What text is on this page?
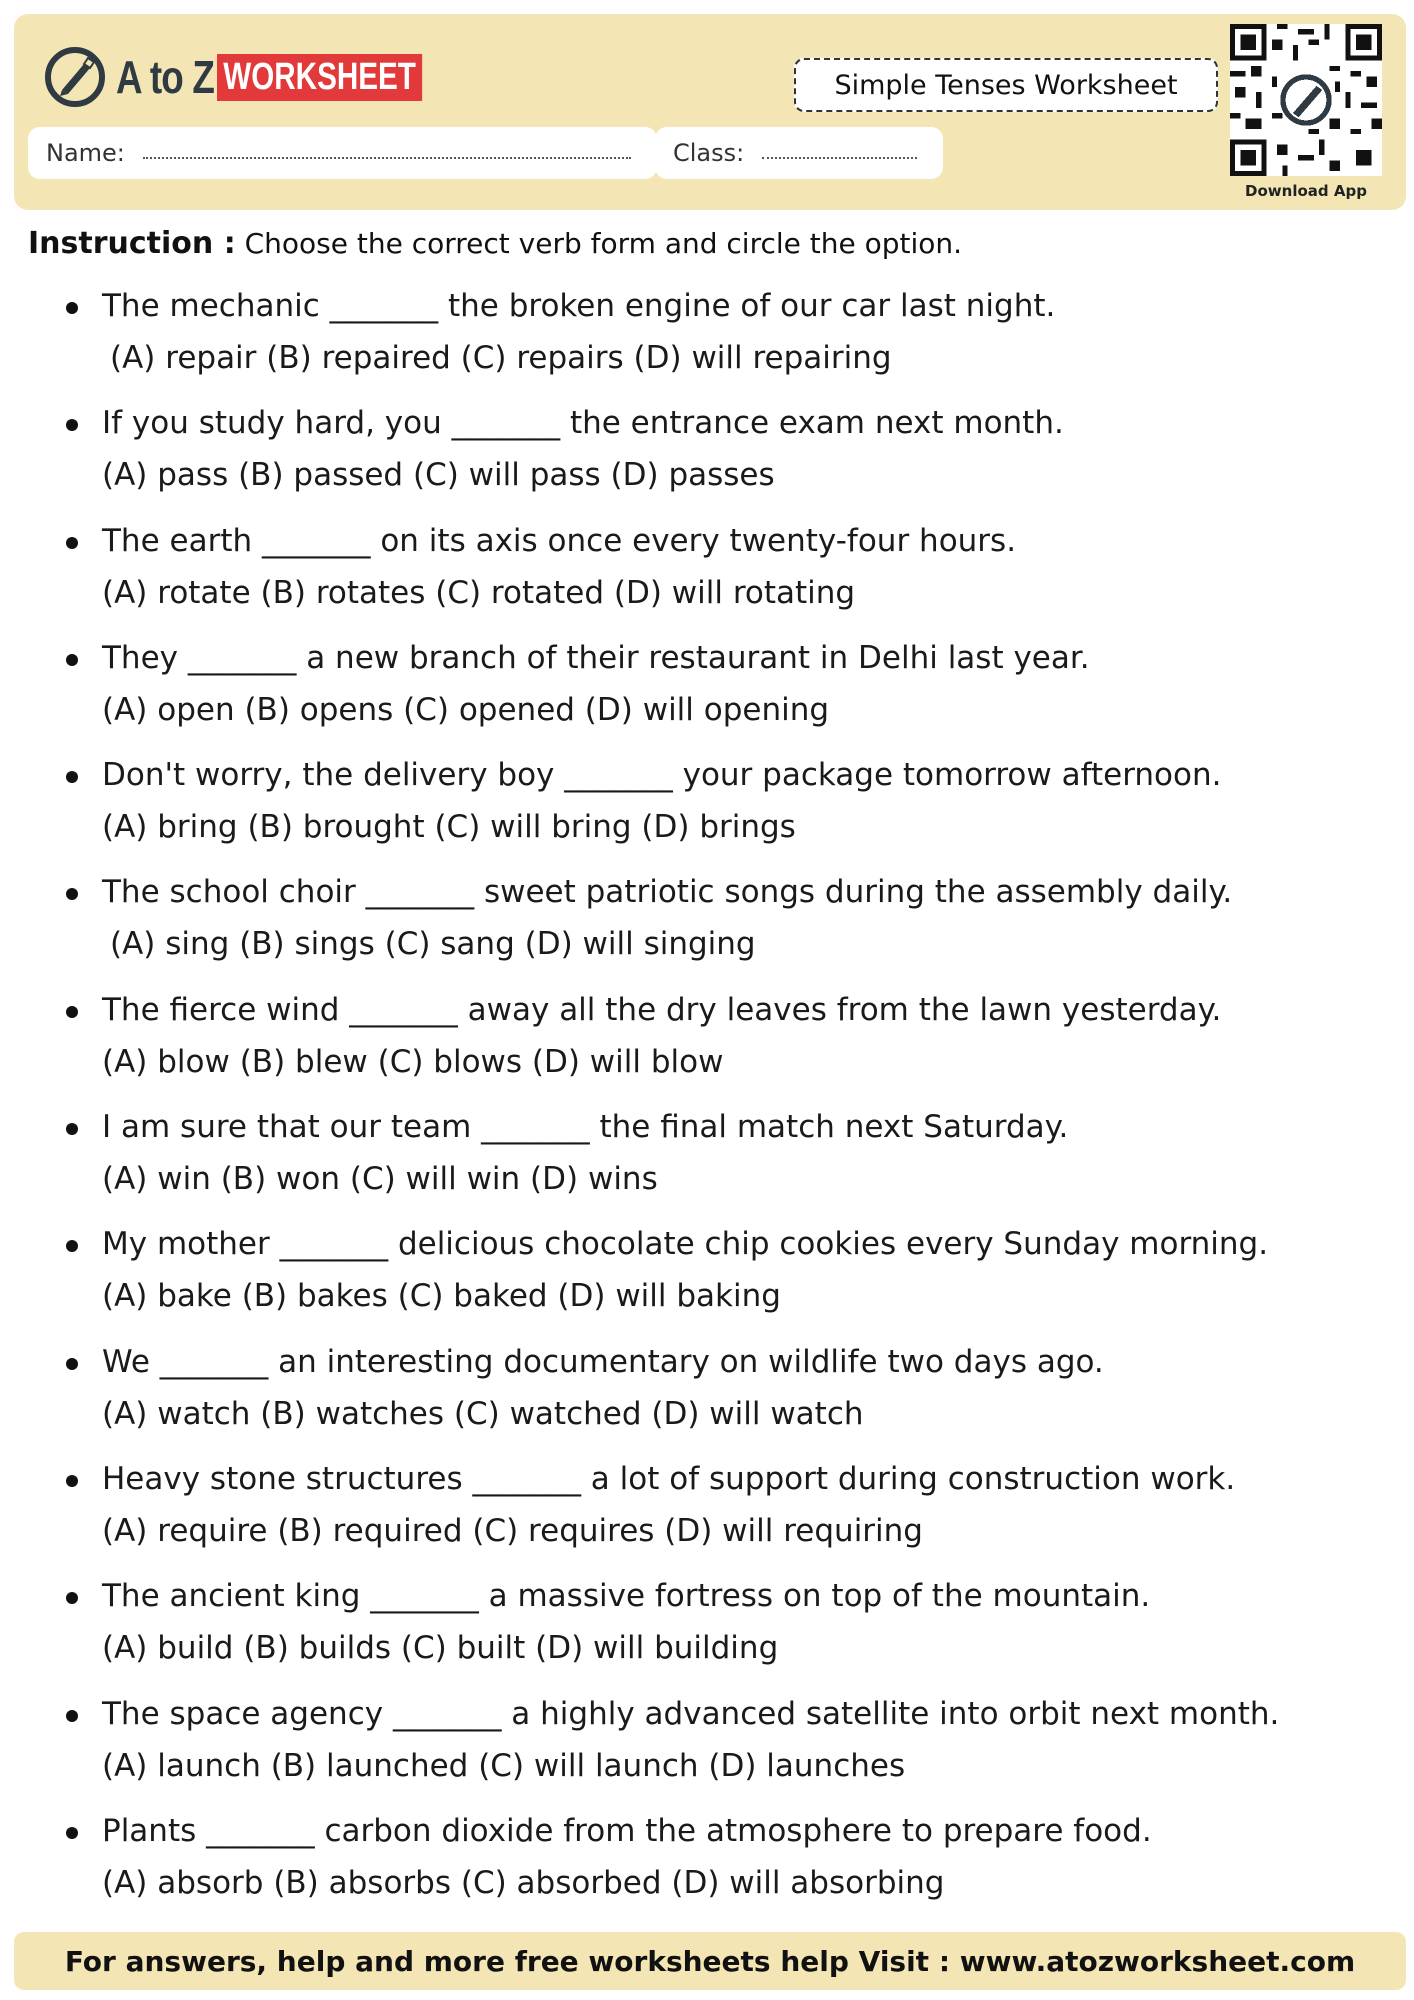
A to Z WORKSHEET	Simple Tenses Worksheet
Name:	Class:
Download App
Instruction : Choose the correct verb form and circle the option.
The mechanic _______ the broken engine of our car last night.
(A) repair (B) repaired (C) repairs (D) will repairing
If you study hard, you _______ the entrance exam next month.
(A) pass (B) passed (C) will pass (D) passes
The earth _______ on its axis once every twenty-four hours.
(A) rotate (B) rotates (C) rotated (D) will rotating
They _______ a new branch of their restaurant in Delhi last year.
(A) open (B) opens (C) opened (D) will opening
Don't worry, the delivery boy _______ your package tomorrow afternoon.
(A) bring (B) brought (C) will bring (D) brings
The school choir _______ sweet patriotic songs during the assembly daily.
(A) sing (B) sings (C) sang (D) will singing
The fierce wind _______ away all the dry leaves from the lawn yesterday.
(A) blow (B) blew (C) blows (D) will blow
I am sure that our team _______ the final match next Saturday.
(A) win (B) won (C) will win (D) wins
My mother _______ delicious chocolate chip cookies every Sunday morning.
(A) bake (B) bakes (C) baked (D) will baking
We _______ an interesting documentary on wildlife two days ago.
(A) watch (B) watches (C) watched (D) will watch
Heavy stone structures _______ a lot of support during construction work.
(A) require (B) required (C) requires (D) will requiring
The ancient king _______ a massive fortress on top of the mountain.
(A) build (B) builds (C) built (D) will building
The space agency _______ a highly advanced satellite into orbit next month.
(A) launch (B) launched (C) will launch (D) launches
Plants _______ carbon dioxide from the atmosphere to prepare food.
(A) absorb (B) absorbs (C) absorbed (D) will absorbing
For answers, help and more free worksheets help Visit : www.atozworksheet.com
